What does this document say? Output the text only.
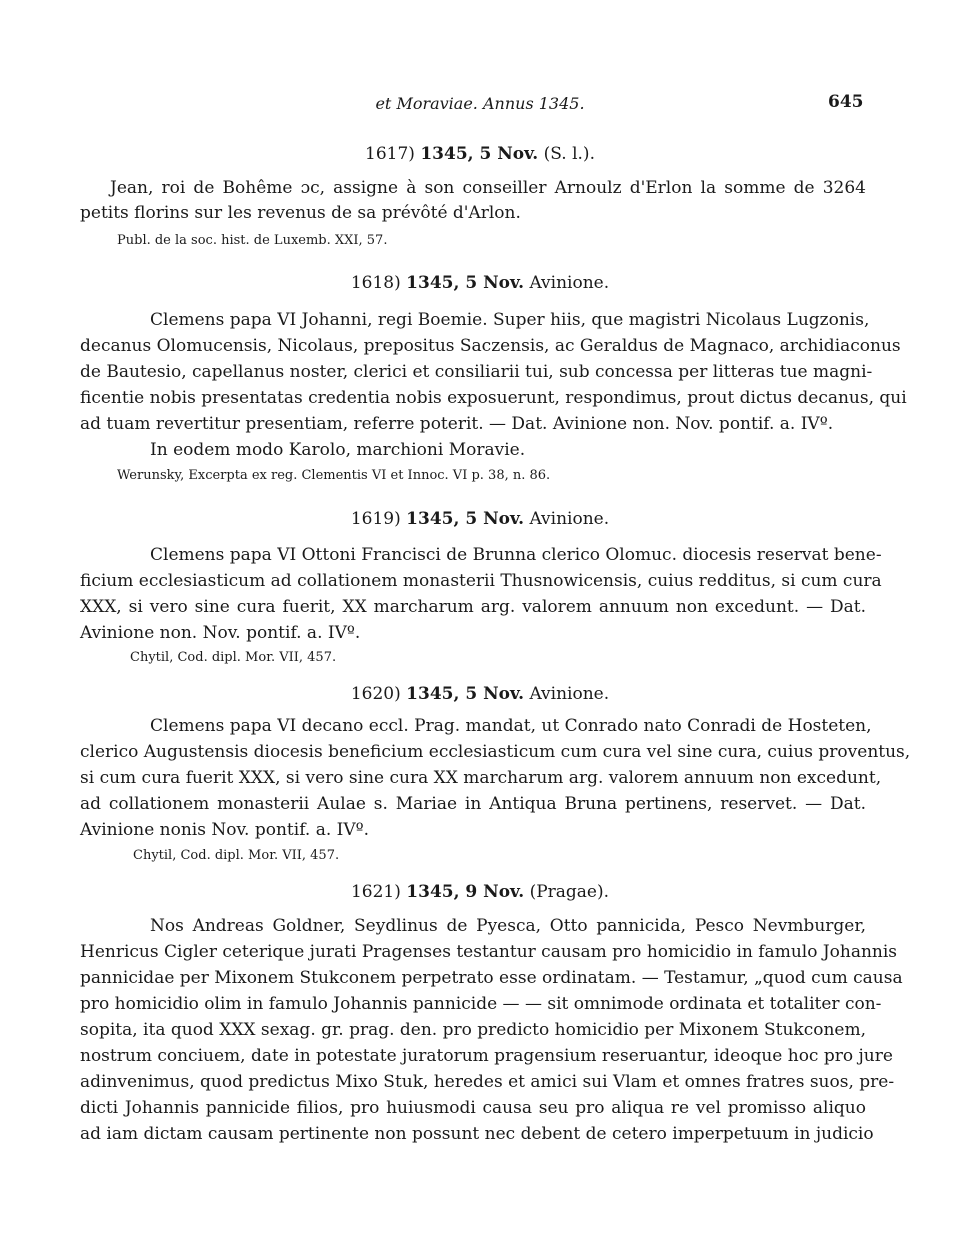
et Moraviae. Annus 1345.	645
1617) 1345, 5 Nov. (S. l.).
Jean, roi de Bohême ɔc, assigne à son conseiller Arnoulz d'Erlon la somme de 3264
petits florins sur les revenus de sa prévôté d'Arlon.
Publ. de la soc. hist. de Luxemb. XXI, 57.
1618) 1345, 5 Nov. Avinione.
Clemens papa VI Johanni, regi Boemie. Super hiis, que magistri Nicolaus Lugzonis,
decanus Olomucensis, Nicolaus, prepositus Saczensis, ac Geraldus de Magnaco, archidiaconus
de Bautesio, capellanus noster, clerici et consiliarii tui, sub concessa per litteras tue magni-
ficentie nobis presentatas credentia nobis exposuerunt, respondimus, prout dictus decanus, qui
ad tuam revertitur presentiam, referre poterit. — Dat. Avinione non. Nov. pontif. a. IVº.
In eodem modo Karolo, marchioni Moravie.
Werunsky, Excerpta ex reg. Clementis VI et Innoc. VI p. 38, n. 86.
1619) 1345, 5 Nov. Avinione.
Clemens papa VI Ottoni Francisci de Brunna clerico Olomuc. diocesis reservat bene-
ficium ecclesiasticum ad collationem monasterii Thusnowicensis, cuius redditus, si cum cura
XXX, si vero sine cura fuerit, XX marcharum arg. valorem annuum non excedunt. — Dat.
Avinione non. Nov. pontif. a. IVº.
Chytil, Cod. dipl. Mor. VII, 457.
1620) 1345, 5 Nov. Avinione.
Clemens papa VI decano eccl. Prag. mandat, ut Conrado nato Conradi de Hosteten,
clerico Augustensis diocesis beneficium ecclesiasticum cum cura vel sine cura, cuius proventus,
si cum cura fuerit XXX, si vero sine cura XX marcharum arg. valorem annuum non excedunt,
ad collationem monasterii Aulae s. Mariae in Antiqua Bruna pertinens, reservet. — Dat.
Avinione nonis Nov. pontif. a. IVº.
Chytil, Cod. dipl. Mor. VII, 457.
1621) 1345, 9 Nov. (Pragae).
Nos Andreas Goldner, Seydlinus de Pyesca, Otto pannicida, Pesco Nevmburger,
Henricus Cigler ceterique jurati Pragenses testantur causam pro homicidio in famulo Johannis
pannicidae per Mixonem Stukconem perpetrato esse ordinatam. — Testamur, „quod cum causa
pro homicidio olim in famulo Johannis pannicide — — sit omnimode ordinata et totaliter con-
sopita, ita quod XXX sexag. gr. prag. den. pro predicto homicidio per Mixonem Stukconem,
nostrum conciuem, date in potestate juratorum pragensium reseruantur, ideoque hoc pro jure
adinvenimus, quod predictus Mixo Stuk, heredes et amici sui Vlam et omnes fratres suos, pre-
dicti Johannis pannicide filios, pro huiusmodi causa seu pro aliqua re vel promisso aliquo
ad iam dictam causam pertinente non possunt nec debent de cetero imperpetuum in judicio
